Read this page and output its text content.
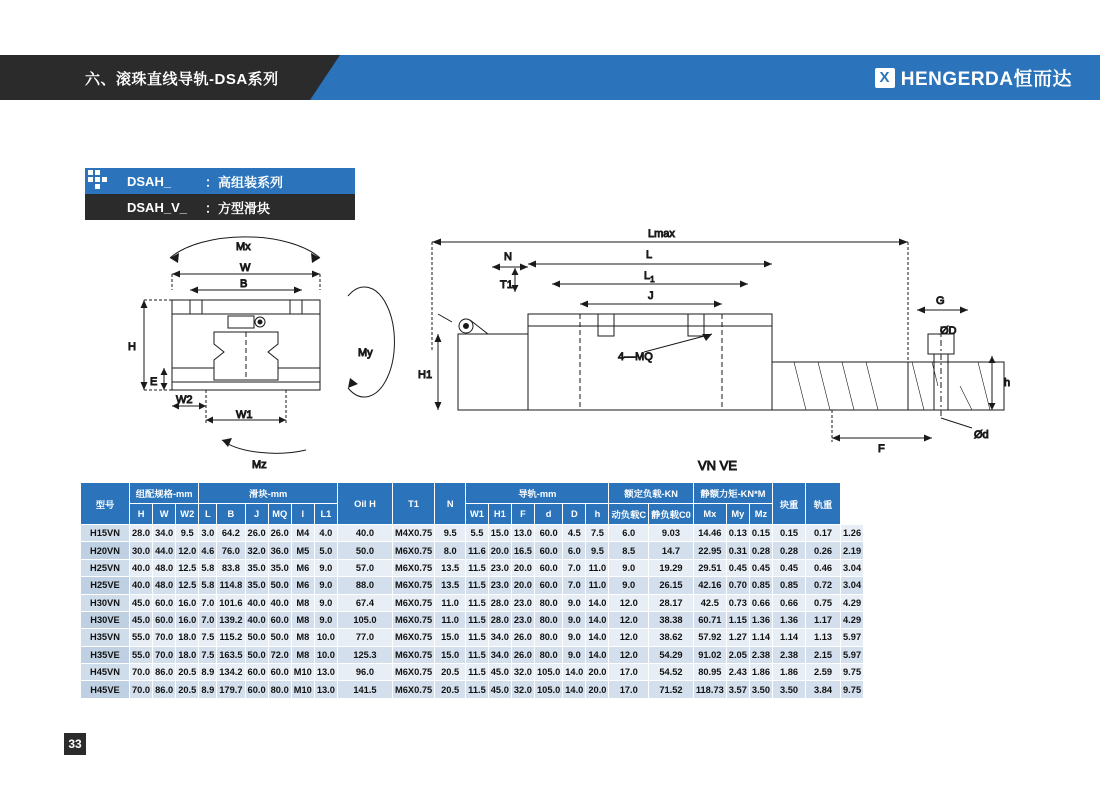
六、滚珠直线导轨-DSA系列	X HENGERDA恒而达
DSAH_	：高组装系列
DSAH_V_	：方型滑块
Mx
W
B
H
E
W2
W1
My
Mz
Lmax
N	L
$L_1$
J
T1
G
ØD
4—MQ
H1
h
Ød
F
VN VE
型号	组配规格-mm			滑块-mm						Oil H	T1	N	导轨-mm						额定负载-KN		静额力矩-KN*M			块重	轨重	
	H	W	W2	L	B	J	MQ	l	L1				W1	H1	F	d	D	h	动负载C	静负载C0	Mx	My	Mz			
H15VN	28.0	34.0	9.5	3.0	64.2	26.0	26.0	M4	4.0	40.0	M4X0.75	9.5	5.5	15.0	13.0	60.0	4.5	7.5	6.0	9.03	14.46	0.13	0.15	0.15	0.17	1.26
H20VN	30.0	44.0	12.0	4.6	76.0	32.0	36.0	M5	5.0	50.0	M6X0.75	8.0	11.6	20.0	16.5	60.0	6.0	9.5	8.5	14.7	22.95	0.31	0.28	0.28	0.26	2.19
H25VN	40.0	48.0	12.5	5.8	83.8	35.0	35.0	M6	9.0	57.0	M6X0.75	13.5	11.5	23.0	20.0	60.0	7.0	11.0	9.0	19.29	29.51	0.45	0.45	0.45	0.46	3.04
H25VE	40.0	48.0	12.5	5.8	114.8	35.0	50.0	M6	9.0	88.0	M6X0.75	13.5	11.5	23.0	20.0	60.0	7.0	11.0	9.0	26.15	42.16	0.70	0.85	0.85	0.72	3.04
H30VN	45.0	60.0	16.0	7.0	101.6	40.0	40.0	M8	9.0	67.4	M6X0.75	11.0	11.5	28.0	23.0	80.0	9.0	14.0	12.0	28.17	42.5	0.73	0.66	0.66	0.75	4.29
H30VE	45.0	60.0	16.0	7.0	139.2	40.0	60.0	M8	9.0	105.0	M6X0.75	11.0	11.5	28.0	23.0	80.0	9.0	14.0	12.0	38.38	60.71	1.15	1.36	1.36	1.17	4.29
H35VN	55.0	70.0	18.0	7.5	115.2	50.0	50.0	M8	10.0	77.0	M6X0.75	15.0	11.5	34.0	26.0	80.0	9.0	14.0	12.0	38.62	57.92	1.27	1.14	1.14	1.13	5.97
H35VE	55.0	70.0	18.0	7.5	163.5	50.0	72.0	M8	10.0	125.3	M6X0.75	15.0	11.5	34.0	26.0	80.0	9.0	14.0	12.0	54.29	91.02	2.05	2.38	2.38	2.15	5.97
H45VN	70.0	86.0	20.5	8.9	134.2	60.0	60.0	M10	13.0	96.0	M6X0.75	20.5	11.5	45.0	32.0	105.0	14.0	20.0	17.0	54.52	80.95	2.43	1.86	1.86	2.59	9.75
H45VE	70.0	86.0	20.5	8.9	179.7	60.0	80.0	M10	13.0	141.5	M6X0.75	20.5	11.5	45.0	32.0	105.0	14.0	20.0	17.0	71.52	118.73	3.57	3.50	3.50	3.84	9.75
33
